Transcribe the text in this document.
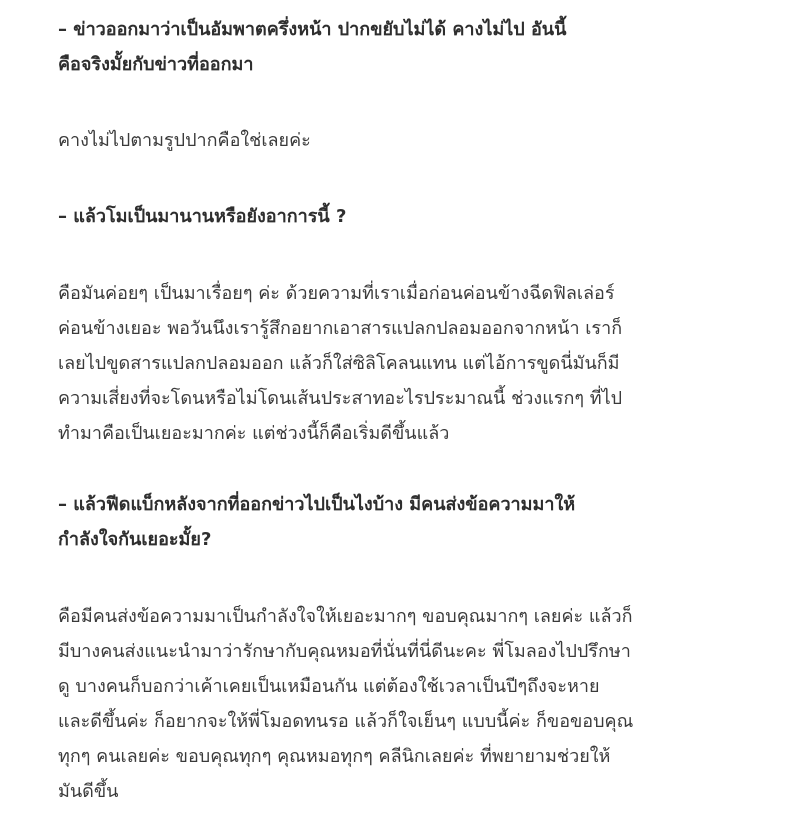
– ข่าวออกมาว่าเป็นอัมพาตครึ่งหน้า ปากขยับไม่ได้ คางไม่ไป อันนี้
คือจริงมั้ยกับข่าวที่ออกมา

คางไม่ไปตามรูปปากคือใช่เลยค่ะ

– แล้วโมเป็นมานานหรือยังอาการนี้ ?

คือมันค่อยๆ เป็นมาเรื่อยๆ ค่ะ ด้วยความที่เราเมื่อก่อนค่อนข้างฉีดฟิลเล่อร์
ค่อนข้างเยอะ พอวันนึงเรารู้สึกอยากเอาสารแปลกปลอมออกจากหน้า เราก็
เลยไปขูดสารแปลกปลอมออก แล้วก็ใส่ซิลิโคลนแทน แต่ไอ้การขูดนี่มันก็มี
ความเสี่ยงที่จะโดนหรือไม่โดนเส้นประสาทอะไรประมาณนี้ ช่วงแรกๆ ที่ไป
ทำมาคือเป็นเยอะมากค่ะ แต่ช่วงนี้ก็คือเริ่มดีขึ้นแล้ว

– แล้วฟีดแบ็กหลังจากที่ออกข่าวไปเป็นไงบ้าง มีคนส่งข้อความมาให้
กำลังใจกันเยอะมั้ย?

คือมีคนส่งข้อความมาเป็นกำลังใจให้เยอะมากๆ ขอบคุณมากๆ เลยค่ะ แล้วก็
มีบางคนส่งแนะนำมาว่ารักษากับคุณหมอที่นั่นที่นี่ดีนะคะ พี่โมลองไปปรึกษา
ดู บางคนก็บอกว่าเค้าเคยเป็นเหมือนกัน แต่ต้องใช้เวลาเป็นปีๆถึงจะหาย
และดีขึ้นค่ะ ก็อยากจะให้พี่โมอดทนรอ แล้วก็ใจเย็นๆ แบบนี้ค่ะ ก็ขอขอบคุณ
ทุกๆ คนเลยค่ะ ขอบคุณทุกๆ คุณหมอทุกๆ คลีนิกเลยค่ะ ที่พยายามช่วยให้
มันดีขึ้น
